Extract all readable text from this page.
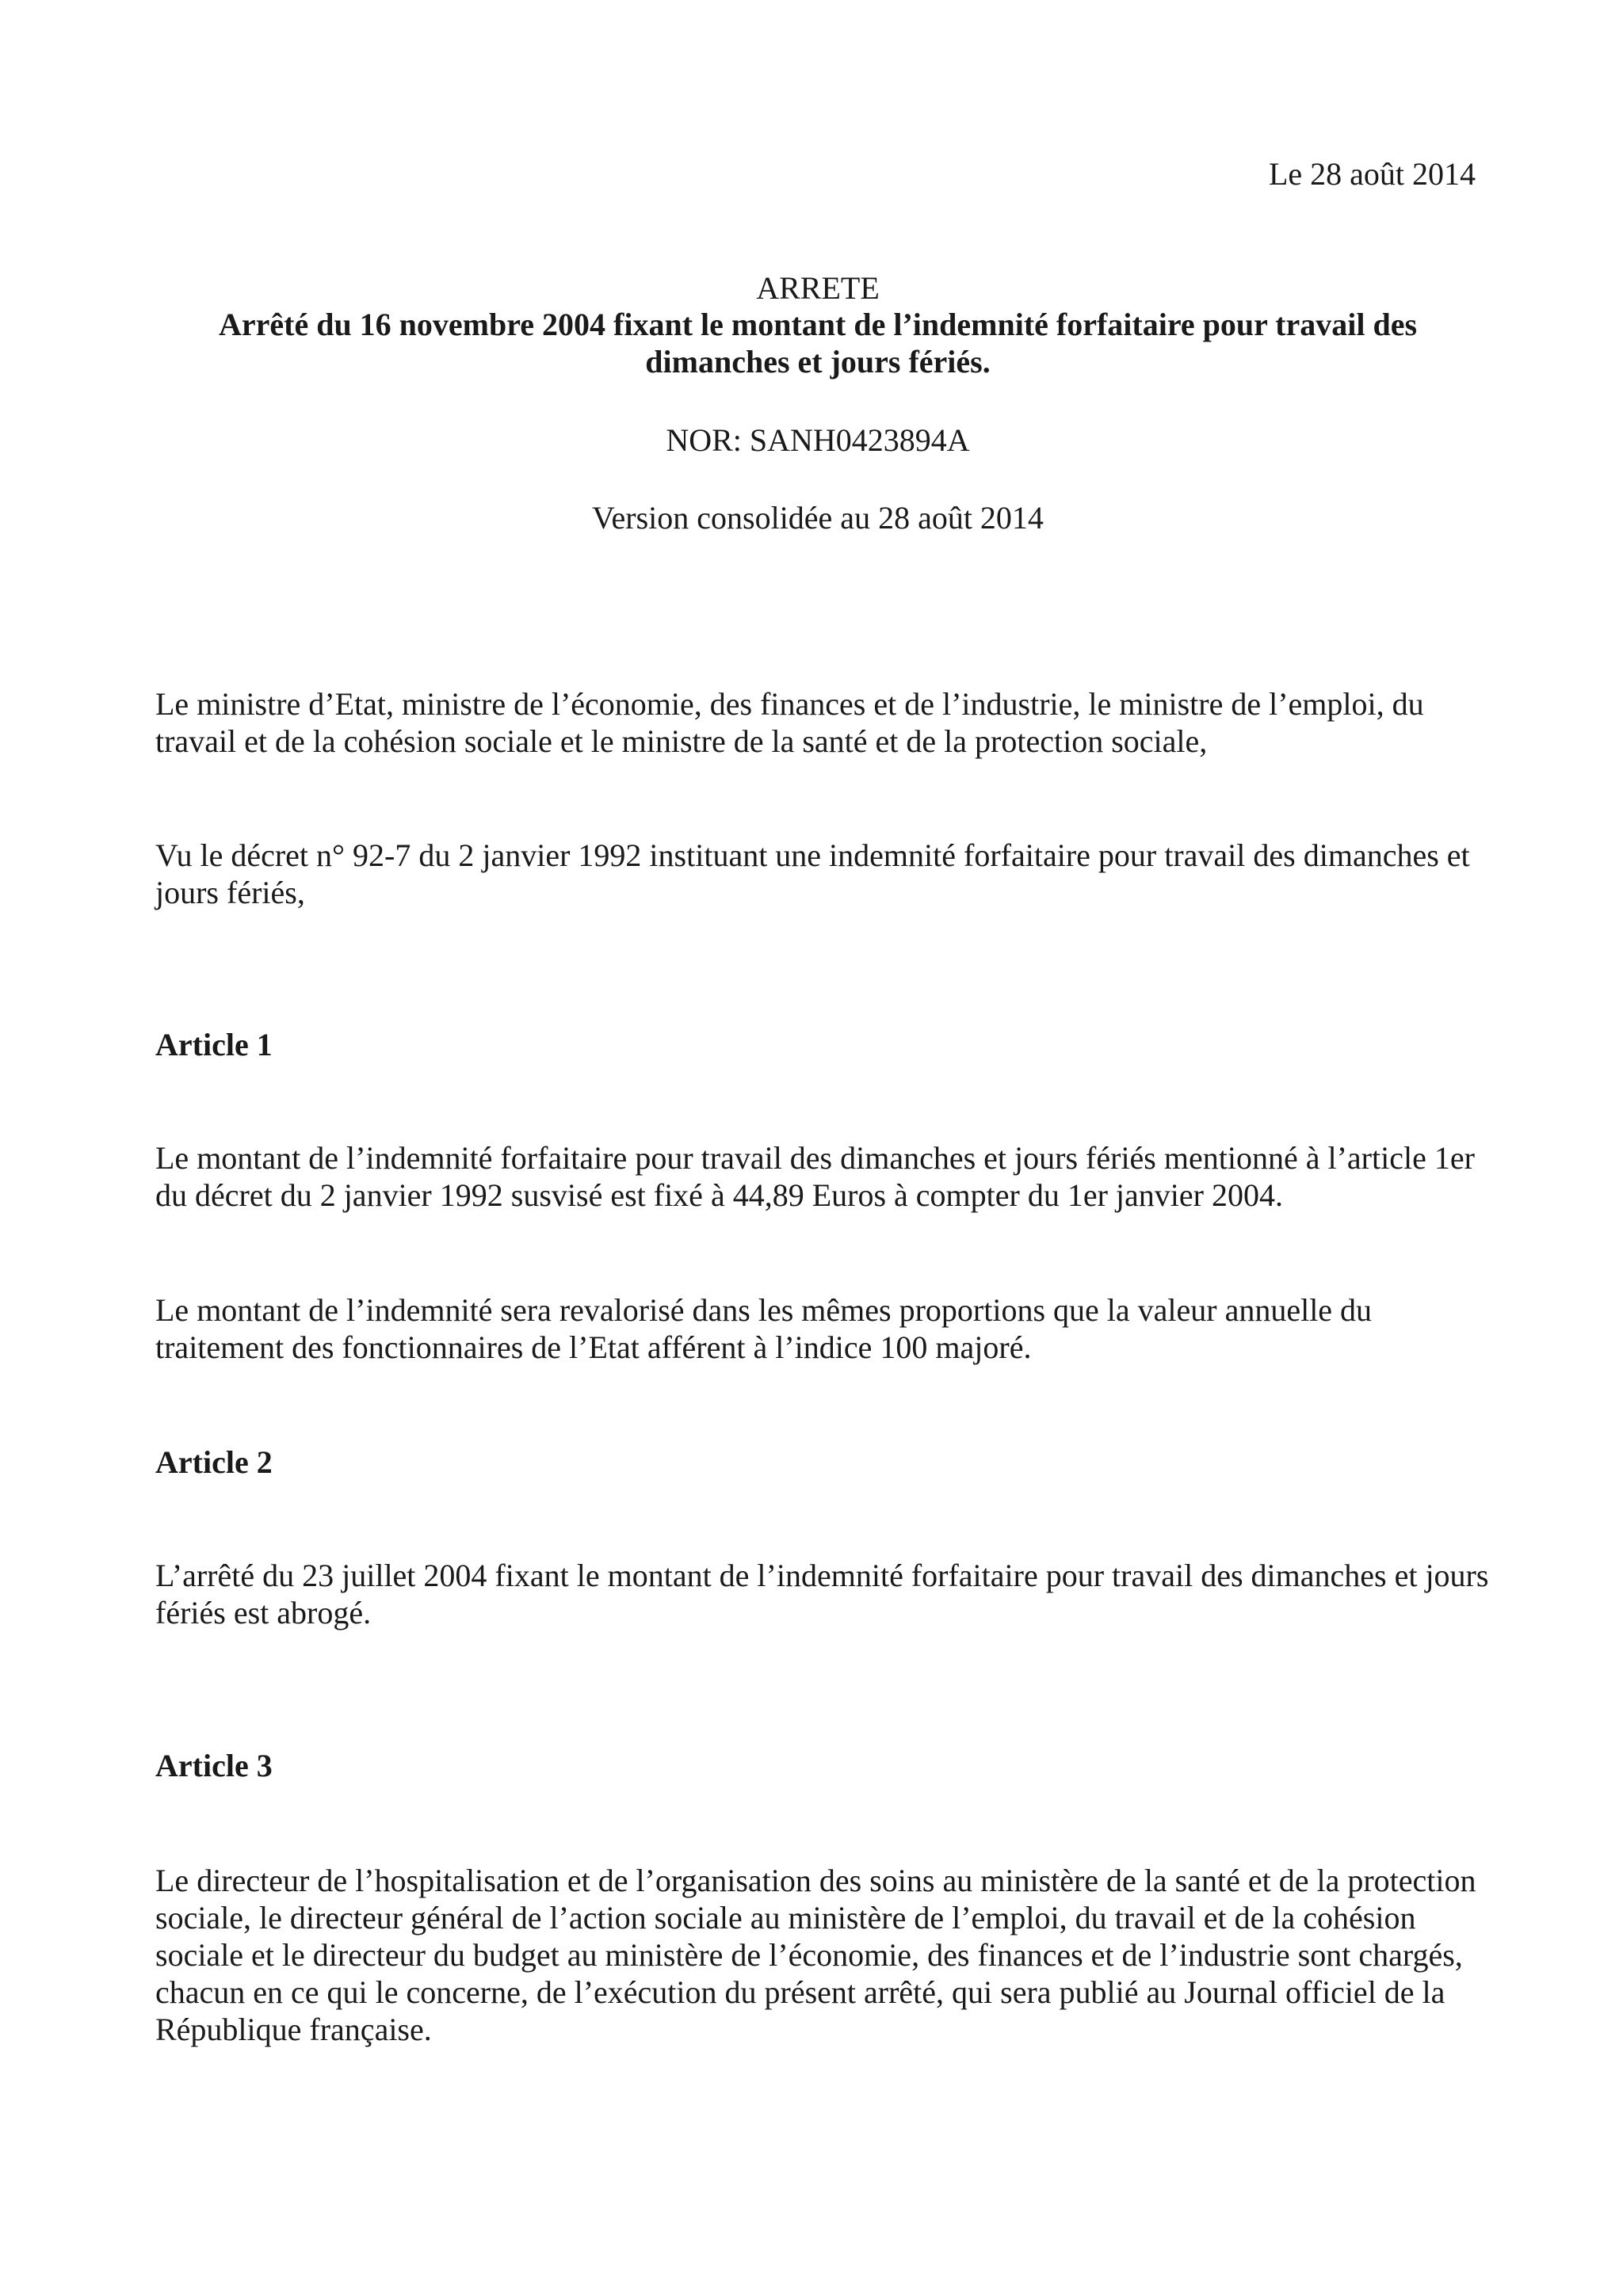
Le 28 août 2014
ARRETE
Arrêté du 16 novembre 2004 fixant le montant de l’indemnité forfaitaire pour travail des dimanches et jours fériés.
NOR: SANH0423894A
Version consolidée au 28 août 2014
Le ministre d’Etat, ministre de l’économie, des finances et de l’industrie, le ministre de l’emploi, du travail et de la cohésion sociale et le ministre de la santé et de la protection sociale,
Vu le décret n° 92-7 du 2 janvier 1992 instituant une indemnité forfaitaire pour travail des dimanches et jours fériés,
Article 1
Le montant de l’indemnité forfaitaire pour travail des dimanches et jours fériés mentionné à l’article 1er du décret du 2 janvier 1992 susvisé est fixé à 44,89 Euros à compter du 1er janvier 2004.
Le montant de l’indemnité sera revalorisé dans les mêmes proportions que la valeur annuelle du traitement des fonctionnaires de l’Etat afférent à l’indice 100 majoré.
Article 2
L’arrêté du 23 juillet 2004 fixant le montant de l’indemnité forfaitaire pour travail des dimanches et jours fériés est abrogé.
Article 3
Le directeur de l’hospitalisation et de l’organisation des soins au ministère de la santé et de la protection sociale, le directeur général de l’action sociale au ministère de l’emploi, du travail et de la cohésion sociale et le directeur du budget au ministère de l’économie, des finances et de l’industrie sont chargés, chacun en ce qui le concerne, de l’exécution du présent arrêté, qui sera publié au Journal officiel de la République française.
